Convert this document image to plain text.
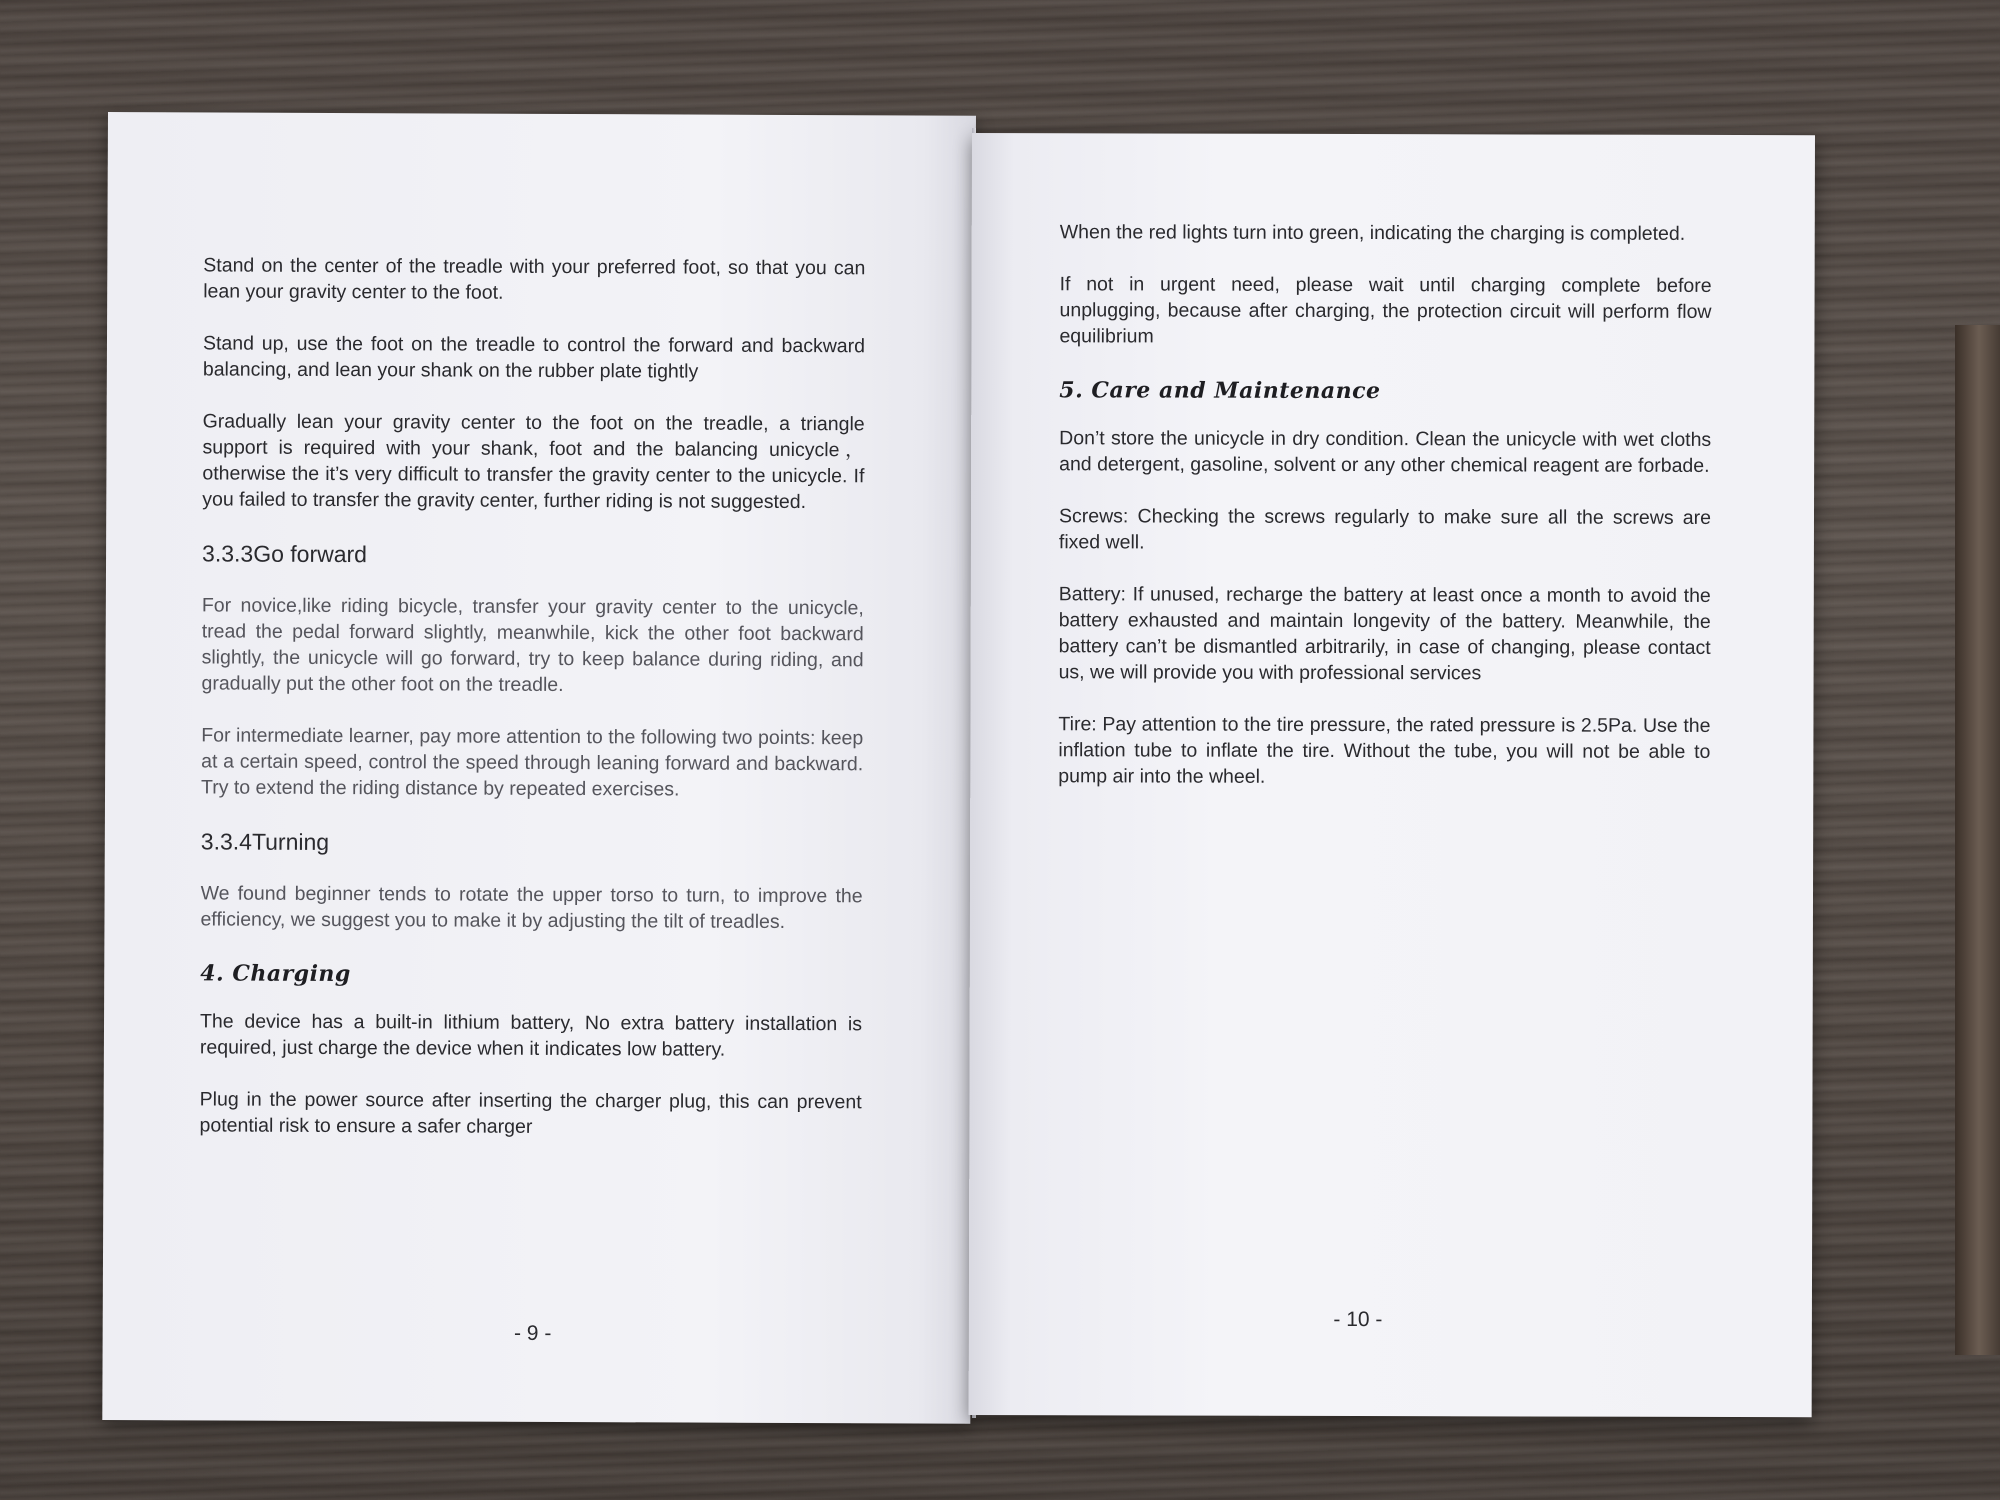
Stand on the center of the treadle with your preferred foot, so that you can lean your gravity center to the foot.

Stand up, use the foot on the treadle to control the forward and backward balancing, and lean your shank on the rubber plate tightly

Gradually lean your gravity center to the foot on the treadle, a triangle support is required with your shank, foot and the balancing unicycle，otherwise the it’s very difficult to transfer the gravity center to the unicycle. If you failed to transfer the gravity center, further riding is not suggested.

3.3.3Go forward

For novice,like riding bicycle, transfer your gravity center to the unicycle, tread the pedal forward slightly, meanwhile, kick the other foot backward slightly, the unicycle will go forward, try to keep balance during riding, and gradually put the other foot on the treadle.

For intermediate learner, pay more attention to the following two points: keep at a certain speed, control the speed through leaning forward and backward. Try to extend the riding distance by repeated exercises.

3.3.4Turning

We found beginner tends to rotate the upper torso to turn, to improve the efficiency, we suggest you to make it by adjusting the tilt of treadles.

4. Charging

The device has a built-in lithium battery, No extra battery installation is required, just charge the device when it indicates low battery.

Plug in the power source after inserting the charger plug, this can prevent potential risk to ensure a safer charger

- 9 -

When the red lights turn into green, indicating the charging is completed.

If not in urgent need, please wait until charging complete before unplugging, because after charging, the protection circuit will perform flow equilibrium

5. Care and Maintenance

Don’t store the unicycle in dry condition. Clean the unicycle with wet cloths and detergent, gasoline, solvent or any other chemical reagent are forbade.

Screws: Checking the screws regularly to make sure all the screws are fixed well.

Battery: If unused, recharge the battery at least once a month to avoid the battery exhausted and maintain longevity of the battery. Meanwhile, the battery can’t be dismantled arbitrarily, in case of changing, please contact us, we will provide you with professional services

Tire: Pay attention to the tire pressure, the rated pressure is 2.5Pa. Use the inflation tube to inflate the tire. Without the tube, you will not be able to pump air into the wheel.

- 10 -
